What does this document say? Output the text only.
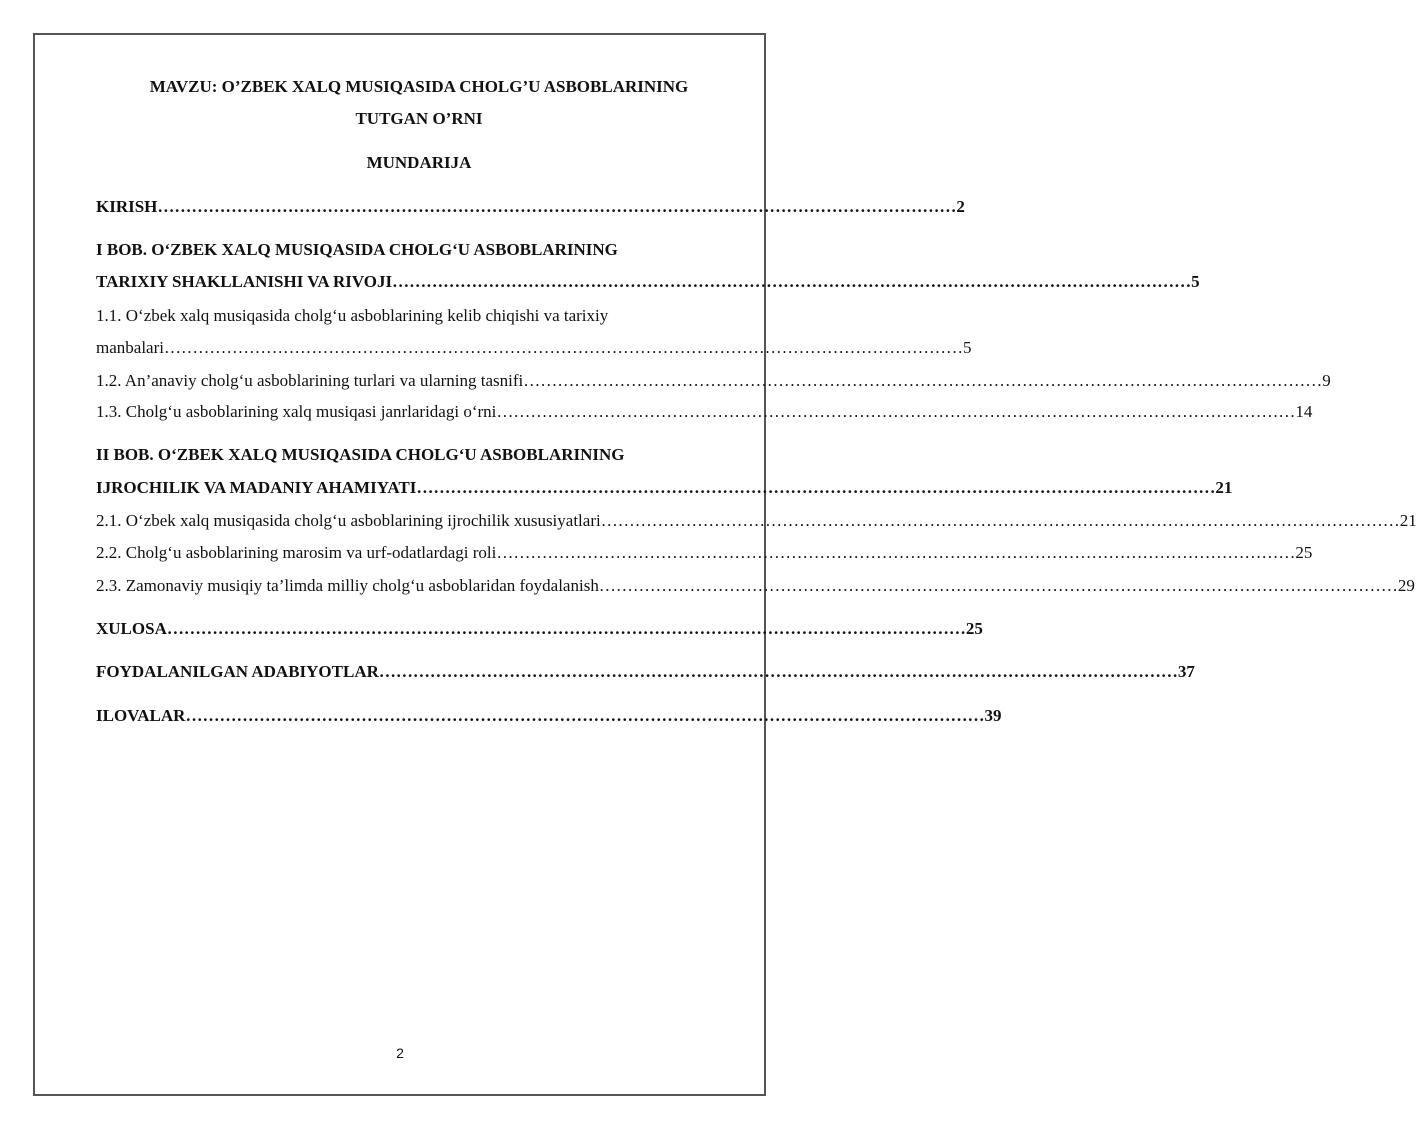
MAVZU: O’ZBEK XALQ MUSIQASIDA CHOLG’U ASBOBLARINING
TUTGAN O’RNI
MUNDARIJA
KIRISH …………………………………………………………………………………………………………………………… 2
I BOB. O‘ZBEK XALQ MUSIQASIDA CHOLG‘U ASBOBLARINING
TARIXIY SHAKLLANISHI VA RIVOJI …………………………………………………………………………………………………………………………… 5
1.1. O‘zbek xalq musiqasida cholg‘u asboblarining kelib chiqishi va tarixiy
manbalari …………………………………………………………………………………………………………………………… 5
1.2. An’anaviy cholg‘u asboblarining turlari va ularning tasnifi …………………………………………………………………………………………………………………………… 9
1.3. Cholg‘u asboblarining xalq musiqasi janrlaridagi o‘rni …………………………………………………………………………………………………………………………… 14
II BOB. O‘ZBEK XALQ MUSIQASIDA CHOLG‘U ASBOBLARINING
IJROCHILIK VA MADANIY AHAMIYATI …………………………………………………………………………………………………………………………… 21
2.1. O‘zbek xalq musiqasida cholg‘u asboblarining ijrochilik xususiyatlari …………………………………………………………………………………………………………………………… 21
2.2. Cholg‘u asboblarining marosim va urf-odatlardagi roli …………………………………………………………………………………………………………………………… 25
2.3. Zamonaviy musiqiy ta’limda milliy cholg‘u asboblaridan foydalanish …………………………………………………………………………………………………………………………… 29
XULOSA …………………………………………………………………………………………………………………………… 25
FOYDALANILGAN ADABIYOTLAR …………………………………………………………………………………………………………………………… 37
ILOVALAR …………………………………………………………………………………………………………………………… 39
2
